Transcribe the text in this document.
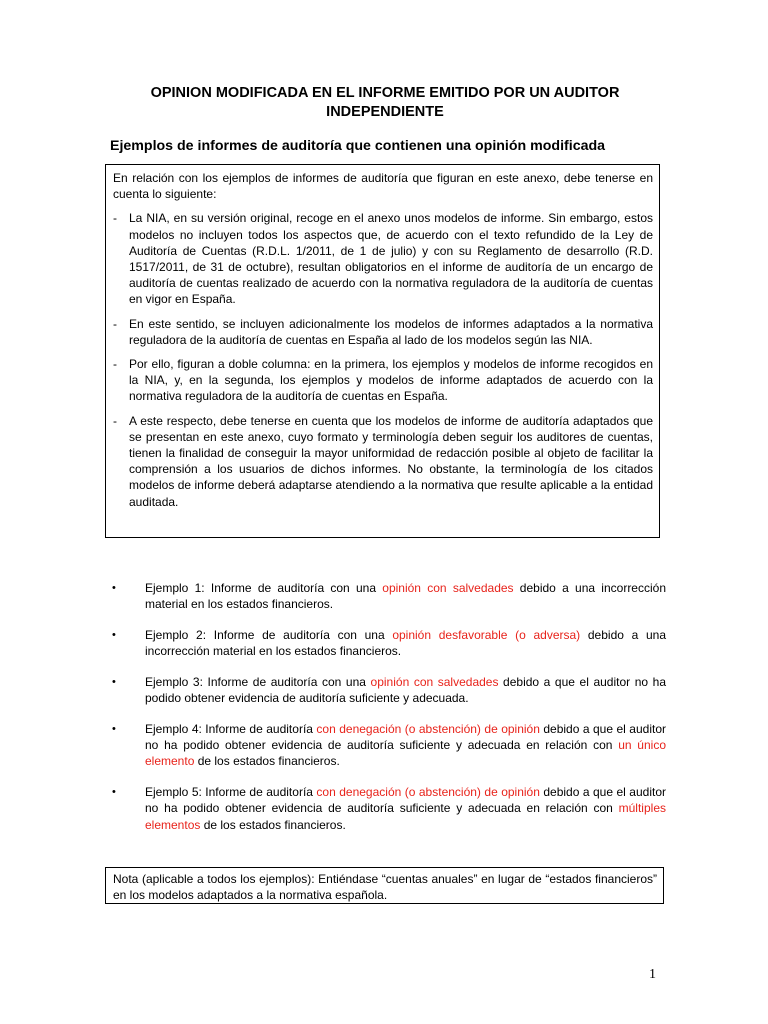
OPINION MODIFICADA EN EL INFORME EMITIDO POR UN AUDITOR
INDEPENDIENTE
Ejemplos de informes de auditoría que contienen una opinión modificada

En relación con los ejemplos de informes de auditoría que figuran en este anexo, debe tenerse en cuenta lo siguiente:

- La NIA, en su versión original, recoge en el anexo unos modelos de informe. Sin embargo, estos modelos no incluyen todos los aspectos que, de acuerdo con el texto refundido de la Ley de Auditoría de Cuentas (R.D.L. 1/2011, de 1 de julio) y con su Reglamento de desarrollo (R.D. 1517/2011, de 31 de octubre), resultan obligatorios en el informe de auditoría de un encargo de auditoría de cuentas realizado de acuerdo con la normativa reguladora de la auditoría de cuentas en vigor en España.
- En este sentido, se incluyen adicionalmente los modelos de informes adaptados a la normativa reguladora de la auditoría de cuentas en España al lado de los modelos según las NIA.
- Por ello, figuran a doble columna: en la primera, los ejemplos y modelos de informe recogidos en la NIA, y, en la segunda, los ejemplos y modelos de informe adaptados de acuerdo con la normativa reguladora de la auditoría de cuentas en España.
- A este respecto, debe tenerse en cuenta que los modelos de informe de auditoría adaptados que se presentan en este anexo, cuyo formato y terminología deben seguir los auditores de cuentas, tienen la finalidad de conseguir la mayor uniformidad de redacción posible al objeto de facilitar la comprensión a los usuarios de dichos informes. No obstante, la terminología de los citados modelos de informe deberá adaptarse atendiendo a la normativa que resulte aplicable a la entidad auditada.
• Ejemplo 1: Informe de auditoría con una opinión con salvedades debido a una incorrección material en los estados financieros.
• Ejemplo 2: Informe de auditoría con una opinión desfavorable (o adversa) debido a una incorrección material en los estados financieros.
• Ejemplo 3: Informe de auditoría con una opinión con salvedades debido a que el auditor no ha podido obtener evidencia de auditoría suficiente y adecuada.
• Ejemplo 4: Informe de auditoría con denegación (o abstención) de opinión debido a que el auditor no ha podido obtener evidencia de auditoría suficiente y adecuada en relación con un único elemento de los estados financieros.
• Ejemplo 5: Informe de auditoría con denegación (o abstención) de opinión debido a que el auditor no ha podido obtener evidencia de auditoría suficiente y adecuada en relación con múltiples elementos de los estados financieros.
Nota (aplicable a todos los ejemplos): Entiéndase “cuentas anuales” en lugar de “estados financieros” en los modelos adaptados a la normativa española.
1
